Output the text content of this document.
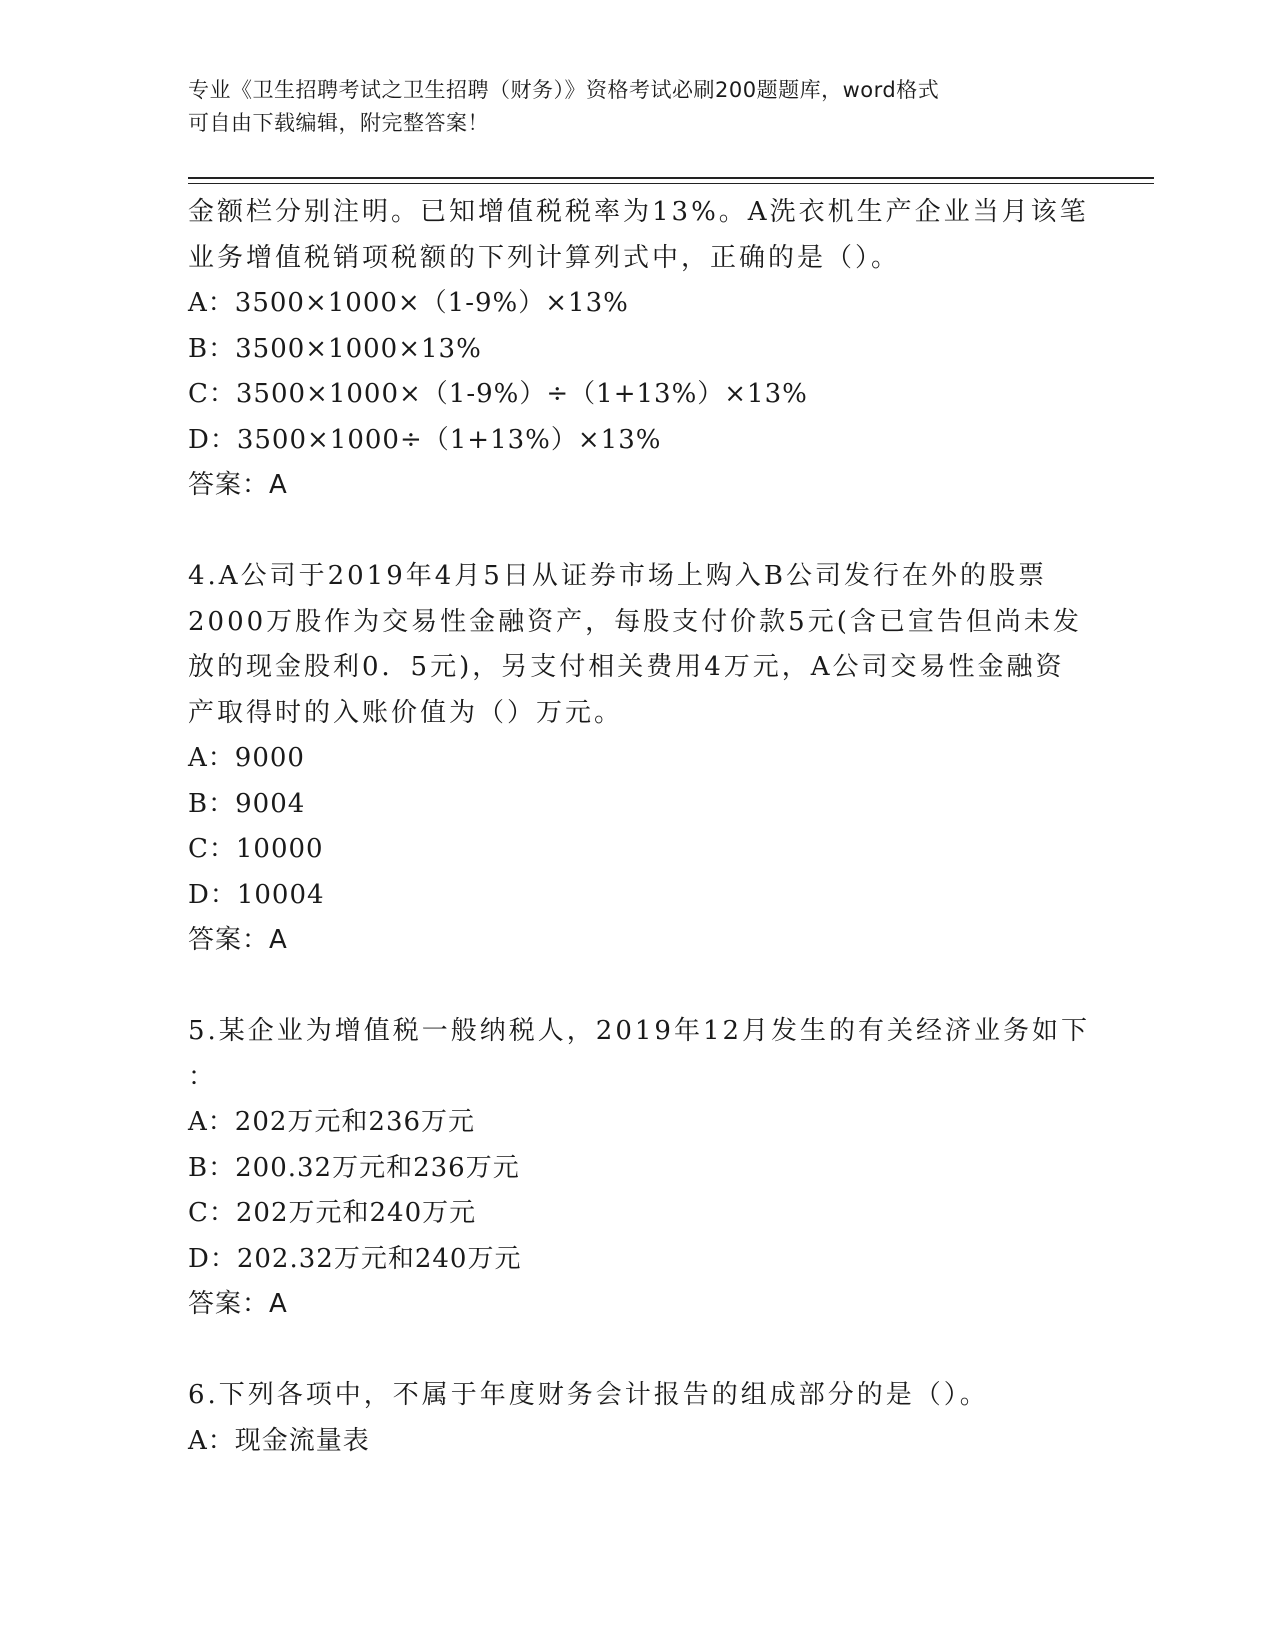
专业《卫生招聘考试之卫生招聘（财务）》资格考试必刷200题题库，word格式
可自由下载编辑，附完整答案！
金额栏分别注明。已知增值税税率为13%。A洗衣机生产企业当月该笔
业务增值税销项税额的下列计算列式中，正确的是（）。
A：3500×1000×（1-9%）×13%
B：3500×1000×13%
C：3500×1000×（1-9%）÷（1+13%）×13%
D：3500×1000÷（1+13%）×13%
答案：A
4.A公司于2019年4月5日从证券市场上购入B公司发行在外的股票
2000万股作为交易性金融资产，每股支付价款5元(含已宣告但尚未发
放的现金股利0．5元)，另支付相关费用4万元，A公司交易性金融资
产取得时的入账价值为（）万元。
A：9000
B：9004
C：10000
D：10004
答案：A
5.某企业为增值税一般纳税人，2019年12月发生的有关经济业务如下
：
A：202万元和236万元
B：200.32万元和236万元
C：202万元和240万元
D：202.32万元和240万元
答案：A
6.下列各项中，不属于年度财务会计报告的组成部分的是（）。
A：现金流量表
